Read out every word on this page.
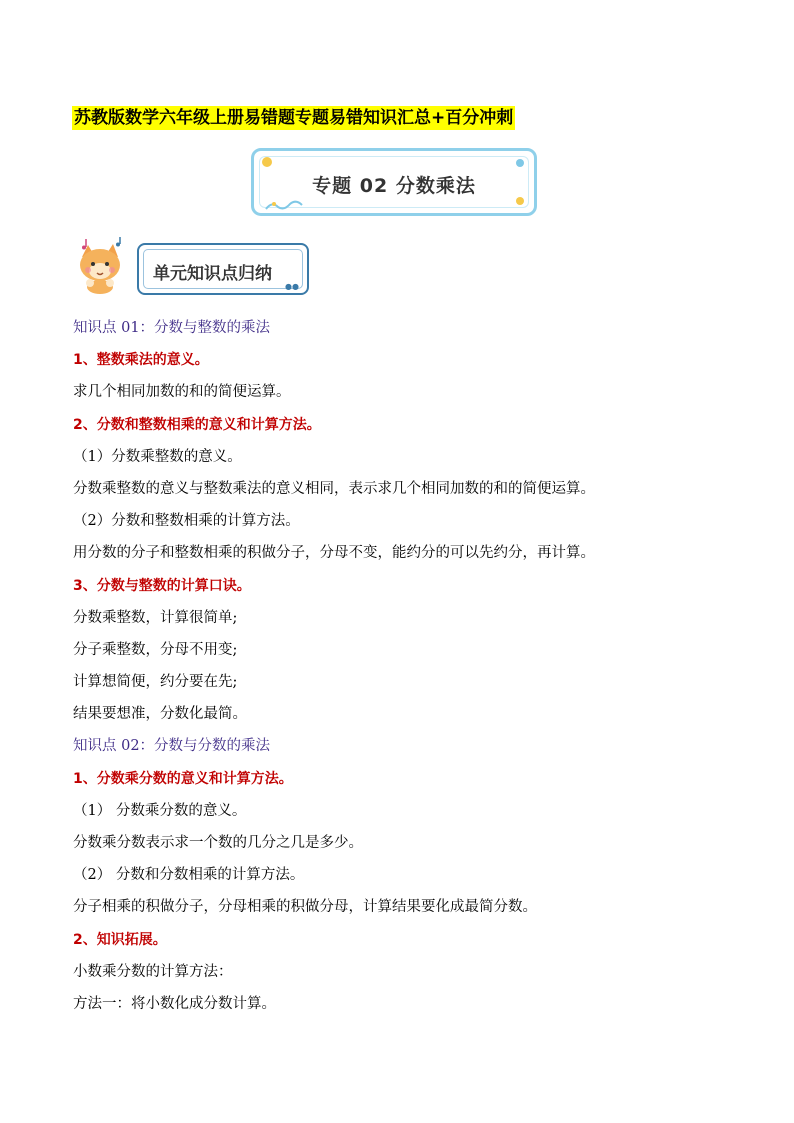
苏教版数学六年级上册易错题专题易错知识汇总+百分冲刺
专题 02 分数乘法
单元知识点归纳
●●

知识点 01：分数与整数的乘法

1、整数乘法的意义。

求几个相同加数的和的简便运算。

2、分数和整数相乘的意义和计算方法。

（1）分数乘整数的意义。

分数乘整数的意义与整数乘法的意义相同，表示求几个相同加数的和的简便运算。

（2）分数和整数相乘的计算方法。

用分数的分子和整数相乘的积做分子，分母不变，能约分的可以先约分，再计算。

3、分数与整数的计算口诀。

分数乘整数，计算很简单;

分子乘整数，分母不用变;

计算想简便，约分要在先;

结果要想准，分数化最简。

知识点 02：分数与分数的乘法

1、分数乘分数的意义和计算方法。

（1） 分数乘分数的意义。

分数乘分数表示求一个数的几分之几是多少。

（2） 分数和分数相乘的计算方法。

分子相乘的积做分子，分母相乘的积做分母，计算结果要化成最简分数。

2、知识拓展。

小数乘分数的计算方法：

方法一：将小数化成分数计算。
